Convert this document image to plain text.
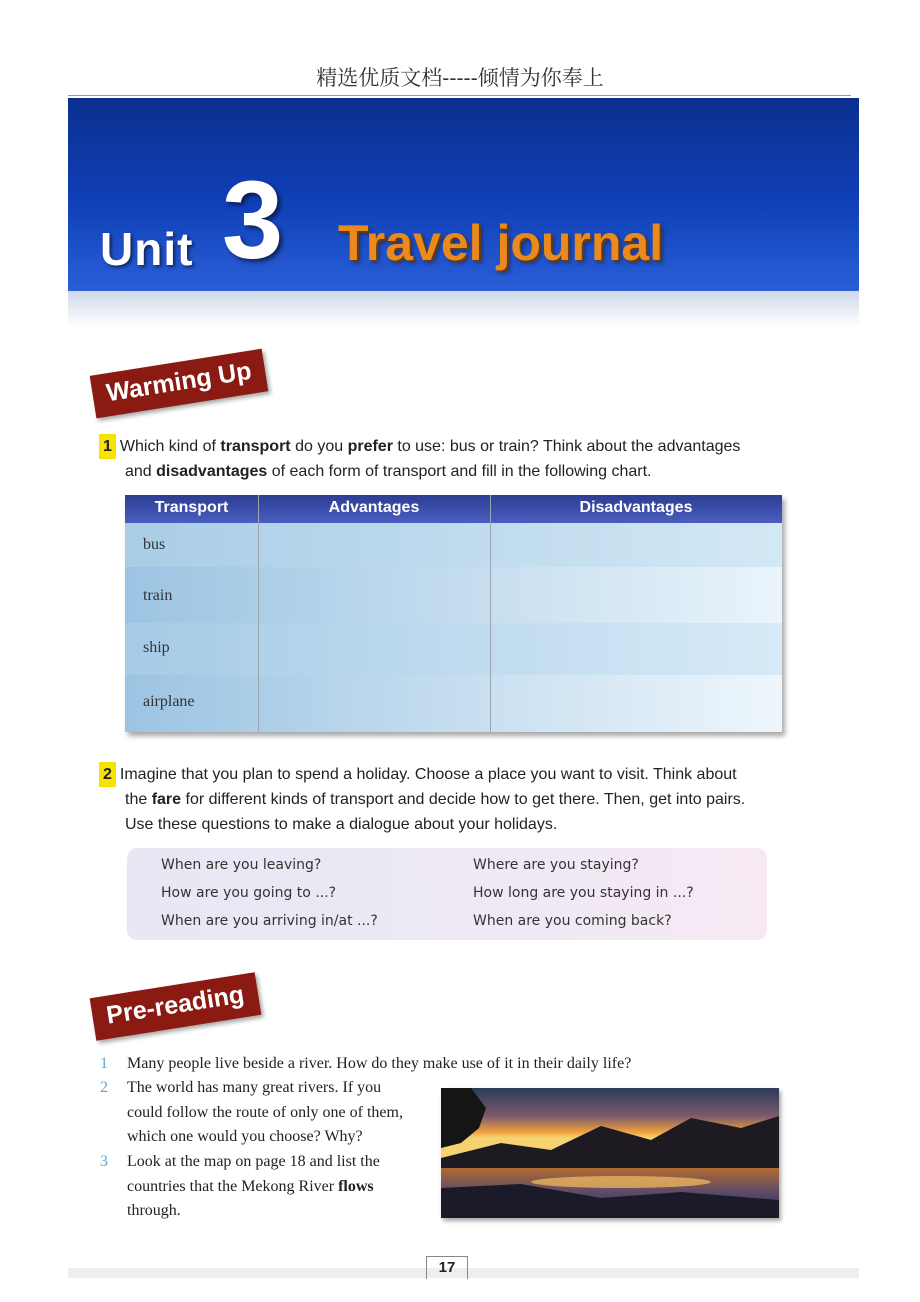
精选优质文档-----倾情为你奉上
Unit 3 Travel journal
Warming Up
1 Which kind of transport do you prefer to use: bus or train? Think about the advantages
and disadvantages of each form of transport and fill in the following chart.
bus
train
ship
airplane
Transport	Advantages	Disadvantages
2 Imagine that you plan to spend a holiday. Choose a place you want to visit. Think about
the fare for different kinds of transport and decide how to get there. Then, get into pairs.
Use these questions to make a dialogue about your holidays.
When are you leaving?
How are you going to ...?
When are you arriving in/at ...?
Where are you staying?
How long are you staying in ...?
When are you coming back?
Pre-reading
1 Many people live beside a river. How do they make use of it in their daily life?
2 The world has many great rivers. If you
could follow the route of only one of them,
which one would you choose? Why?
3 Look at the map on page 18 and list the
countries that the Mekong River flows
through.
17
